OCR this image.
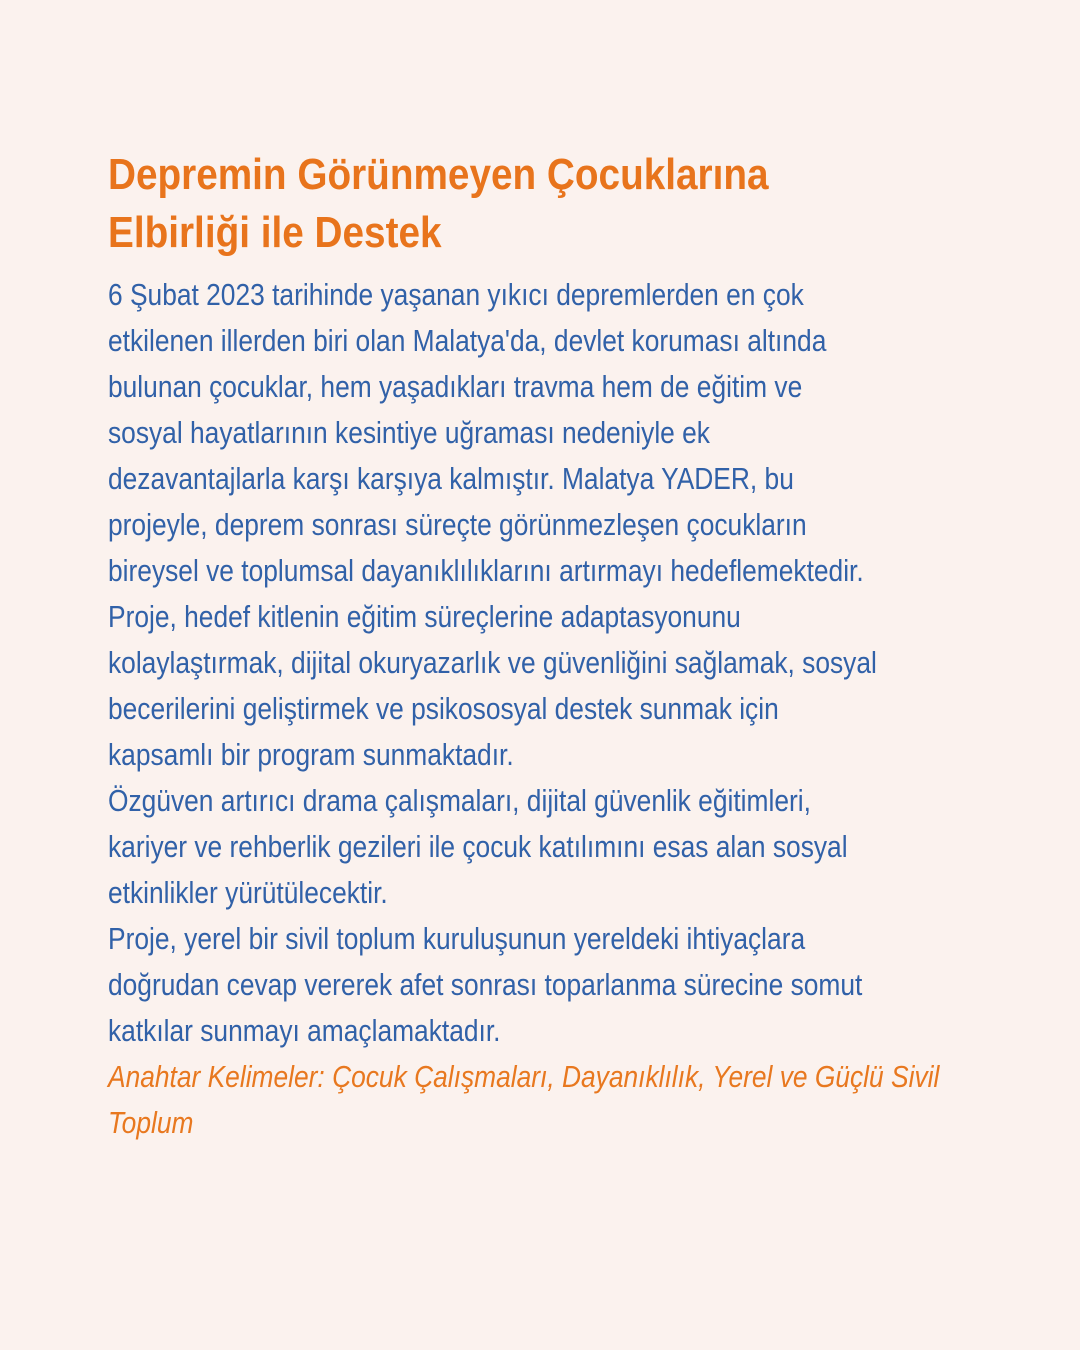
Depremin Görünmeyen Çocuklarına
Elbirliği ile Destek
6 Şubat 2023 tarihinde yaşanan yıkıcı depremlerden en çok
etkilenen illerden biri olan Malatya'da, devlet koruması altında
bulunan çocuklar, hem yaşadıkları travma hem de eğitim ve
sosyal hayatlarının kesintiye uğraması nedeniyle ek
dezavantajlarla karşı karşıya kalmıştır. Malatya YADER, bu
projeyle, deprem sonrası süreçte görünmezleşen çocukların
bireysel ve toplumsal dayanıklılıklarını artırmayı hedeflemektedir.
Proje, hedef kitlenin eğitim süreçlerine adaptasyonunu
kolaylaştırmak, dijital okuryazarlık ve güvenliğini sağlamak, sosyal
becerilerini geliştirmek ve psikososyal destek sunmak için
kapsamlı bir program sunmaktadır.
Özgüven artırıcı drama çalışmaları, dijital güvenlik eğitimleri,
kariyer ve rehberlik gezileri ile çocuk katılımını esas alan sosyal
etkinlikler yürütülecektir.
Proje, yerel bir sivil toplum kuruluşunun yereldeki ihtiyaçlara
doğrudan cevap vererek afet sonrası toparlanma sürecine somut
katkılar sunmayı amaçlamaktadır.
Anahtar Kelimeler: Çocuk Çalışmaları, Dayanıklılık, Yerel ve Güçlü Sivil
Toplum
